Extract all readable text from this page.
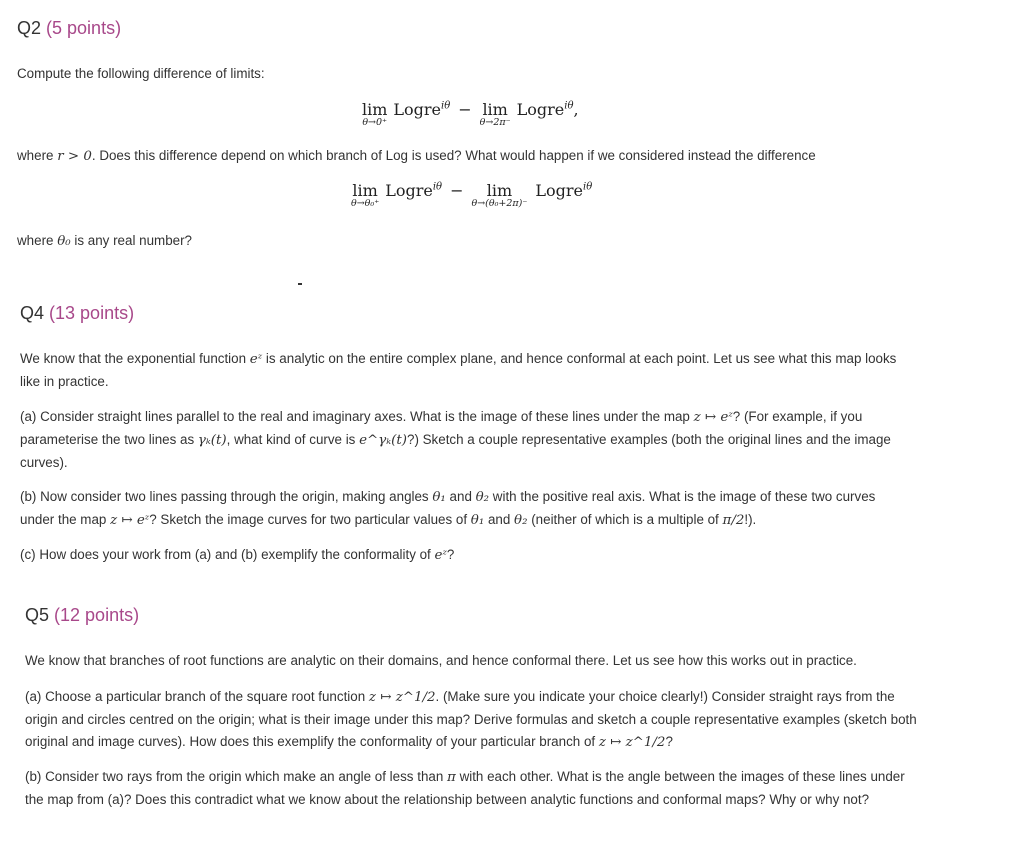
Q2 (5 points)

Compute the following difference of limits:

lim
θ→0⁺
Logre$^{i\theta}$ − lim
θ→2π⁻
Logre$^{i\theta}$ ,

where r > 0. Does this difference depend on which branch of Log is used? What would happen if we considered instead the difference

lim
θ→θ₀⁺
Logre$^{i\theta}$ − lim
θ→(θ₀+2π)⁻
Logre$^{i\theta}$

where θ₀ is any real number?

Q4 (13 points)

We know that the exponential function eᶻ is analytic on the entire complex plane, and hence conformal at each point. Let us see what this map looks like in practice.

(a) Consider straight lines parallel to the real and imaginary axes. What is the image of these lines under the map z ↦ eᶻ? (For example, if you parameterise the two lines as γₖ(t), what kind of curve is e^γₖ(t)?) Sketch a couple representative examples (both the original lines and the image curves).

(b) Now consider two lines passing through the origin, making angles θ₁ and θ₂ with the positive real axis. What is the image of these two curves under the map z ↦ eᶻ? Sketch the image curves for two particular values of θ₁ and θ₂ (neither of which is a multiple of π/2!).

(c) How does your work from (a) and (b) exemplify the conformality of eᶻ?

Q5 (12 points)

We know that branches of root functions are analytic on their domains, and hence conformal there. Let us see how this works out in practice.

(a) Choose a particular branch of the square root function z ↦ z^1/2. (Make sure you indicate your choice clearly!) Consider straight rays from the origin and circles centred on the origin; what is their image under this map? Derive formulas and sketch a couple representative examples (sketch both original and image curves). How does this exemplify the conformality of your particular branch of z ↦ z^1/2?

(b) Consider two rays from the origin which make an angle of less than π with each other. What is the angle between the images of these lines under the map from (a)? Does this contradict what we know about the relationship between analytic functions and conformal maps? Why or why not?
